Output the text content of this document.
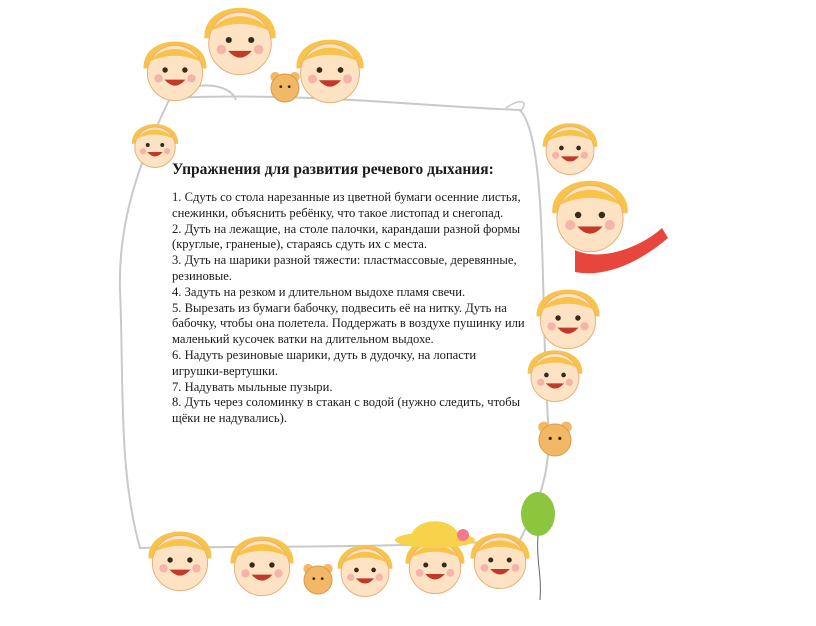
Упражнения для развития речевого дыхания:

1. Сдуть со стола нарезанные из цветной бумаги осенние листья, снежинки, объяснить ребёнку, что такое листопад и снегопад.

2. Дуть на лежащие, на столе палочки, карандаши разной формы (круглые, граненые), стараясь сдуть их с места.

3. Дуть на шарики разной тяжести: пластмассовые, деревянные, резиновые.

4. Задуть на резком и длительном выдохе пламя свечи.

5. Вырезать из бумаги бабочку, подвесить её на нитку. Дуть на бабочку, чтобы она полетела. Поддержать в воздухе пушинку или маленький кусочек ватки на длительном выдохе.

6. Надуть резиновые шарики, дуть в дудочку, на лопасти игрушки-вертушки.

7. Надувать мыльные пузыри.

8. Дуть через соломинку в стакан с водой (нужно следить, чтобы щёки не надувались).
